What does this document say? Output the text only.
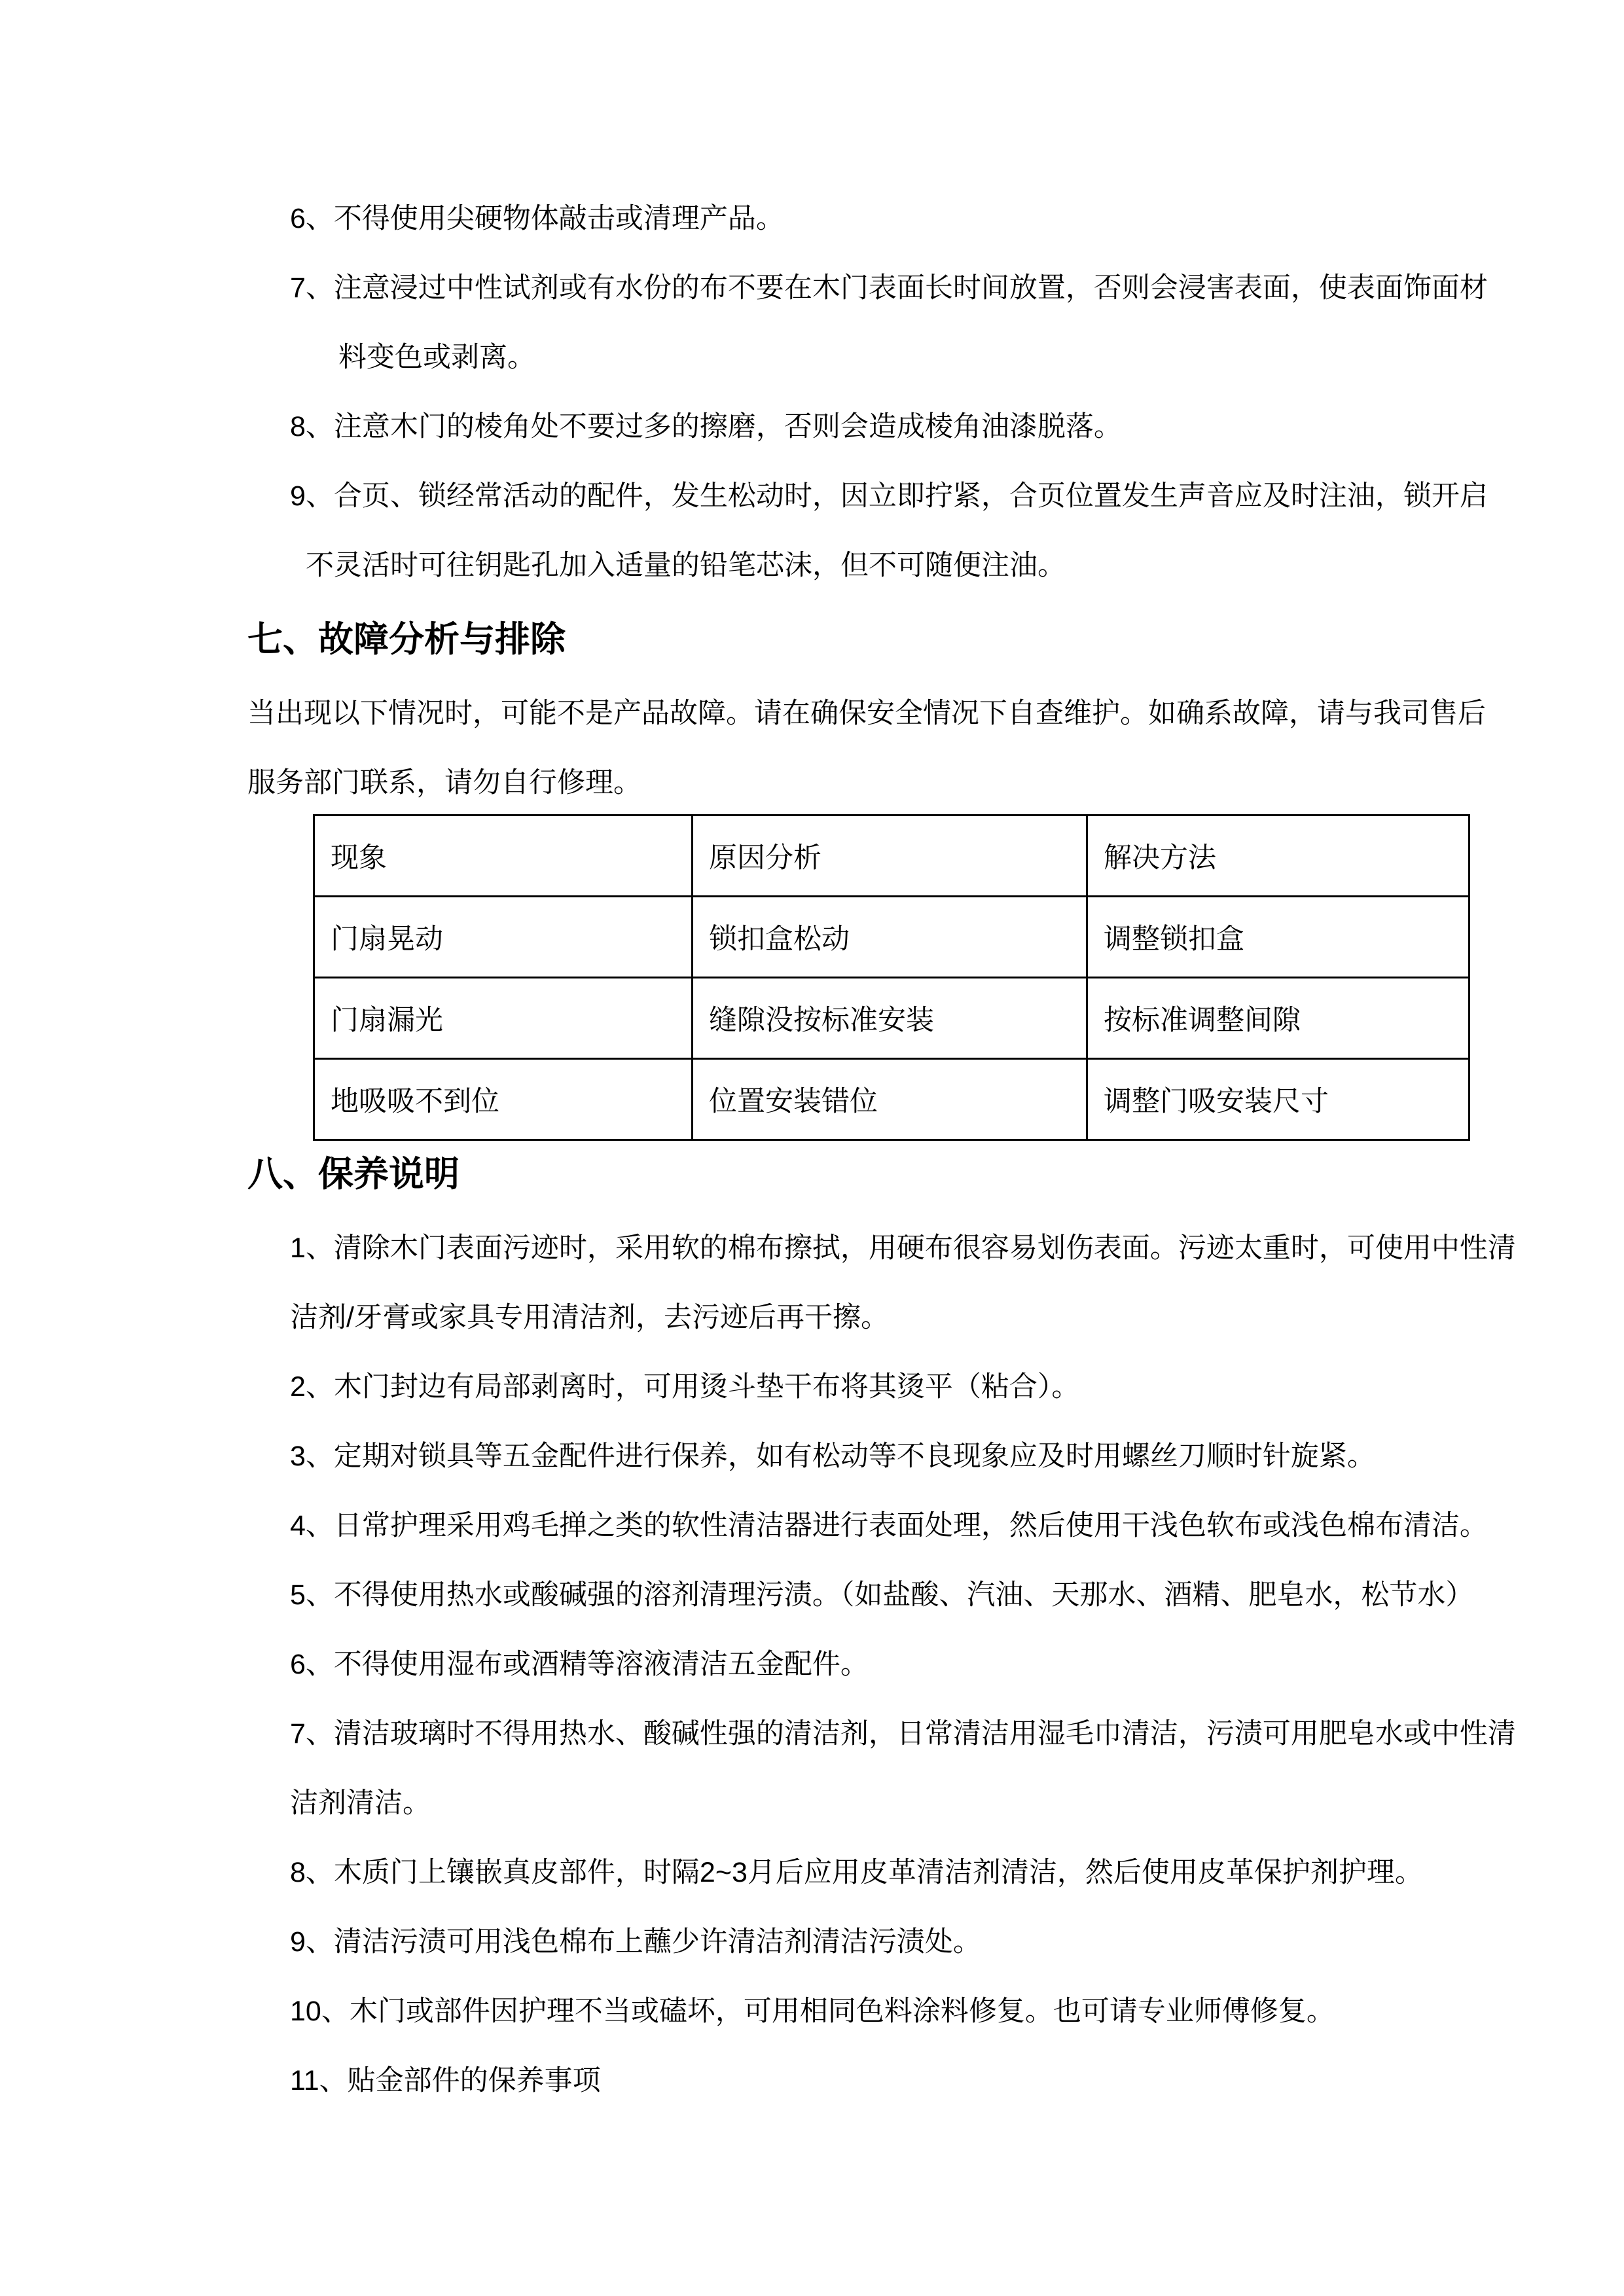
6、不得使用尖硬物体敲击或清理产品。
7、注意浸过中性试剂或有水份的布不要在木门表面长时间放置，否则会浸害表面，使表面饰面材
料变色或剥离。
8、注意木门的棱角处不要过多的擦磨，否则会造成棱角油漆脱落。
9、合页、锁经常活动的配件，发生松动时，因立即拧紧，合页位置发生声音应及时注油，锁开启
不灵活时可往钥匙孔加入适量的铅笔芯沫，但不可随便注油。
七、故障分析与排除

当出现以下情况时，可能不是产品故障。请在确保安全情况下自查维护。如确系故障，请与我司售后

服务部门联系，请勿自行修理。

现象	原因分析	解决方法
门扇晃动	锁扣盒松动	调整锁扣盒
门扇漏光	缝隙没按标准安装	按标准调整间隙
地吸吸不到位	位置安装错位	调整门吸安装尺寸
八、保养说明
1、清除木门表面污迹时，采用软的棉布擦拭，用硬布很容易划伤表面。污迹太重时，可使用中性清
洁剂/牙膏或家具专用清洁剂，去污迹后再干擦。
2、木门封边有局部剥离时，可用烫斗垫干布将其烫平（粘合）。
3、定期对锁具等五金配件进行保养，如有松动等不良现象应及时用螺丝刀顺时针旋紧。
4、日常护理采用鸡毛掸之类的软性清洁器进行表面处理，然后使用干浅色软布或浅色棉布清洁。
5、不得使用热水或酸碱强的溶剂清理污渍。（如盐酸、汽油、天那水、酒精、肥皂水，松节水）
6、不得使用湿布或酒精等溶液清洁五金配件。
7、清洁玻璃时不得用热水、酸碱性强的清洁剂，日常清洁用湿毛巾清洁，污渍可用肥皂水或中性清
洁剂清洁。
8、木质门上镶嵌真皮部件，时隔2~3月后应用皮革清洁剂清洁，然后使用皮革保护剂护理。
9、清洁污渍可用浅色棉布上蘸少许清洁剂清洁污渍处。
10、木门或部件因护理不当或磕坏，可用相同色料涂料修复。也可请专业师傅修复。
11、贴金部件的保养事项
